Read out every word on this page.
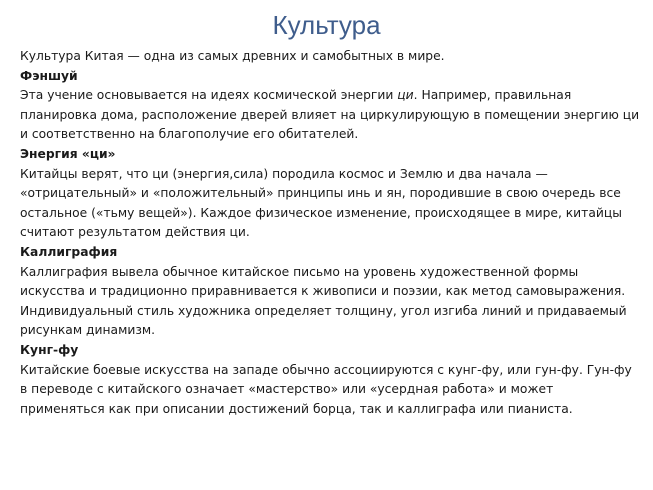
Культура

Культура Китая — одна из самых древних и самобытных в мире.

Фэншуй

Эта учение основывается на идеях космической энергии ци. Например, правильная планировка дома, расположение дверей влияет на циркулирующую в помещении энергию ци и соответственно на благополучие его обитателей.

Энергия «ци»

Китайцы верят, что ци (энергия,сила) породила космос и Землю и два начала — «отрицательный» и «положительный» принципы инь и ян, породившие в свою очередь все остальное («тьму вещей»). Каждое физическое изменение, происходящее в мире, китайцы считают результатом действия ци.

Каллиграфия

Каллиграфия вывела обычное китайское письмо на уровень художественной формы искусства и традиционно приравнивается к живописи и поэзии, как метод самовыражения. Индивидуальный стиль художника определяет толщину, угол изгиба линий и придаваемый рисункам динамизм.

Кунг-фу

Китайские боевые искусства на западе обычно ассоциируются с кунг-фу, или гун-фу. Гун-фу в переводе с китайского означает «мастерство» или «усердная работа» и может применяться как при описании достижений борца, так и каллиграфа или пианиста.
